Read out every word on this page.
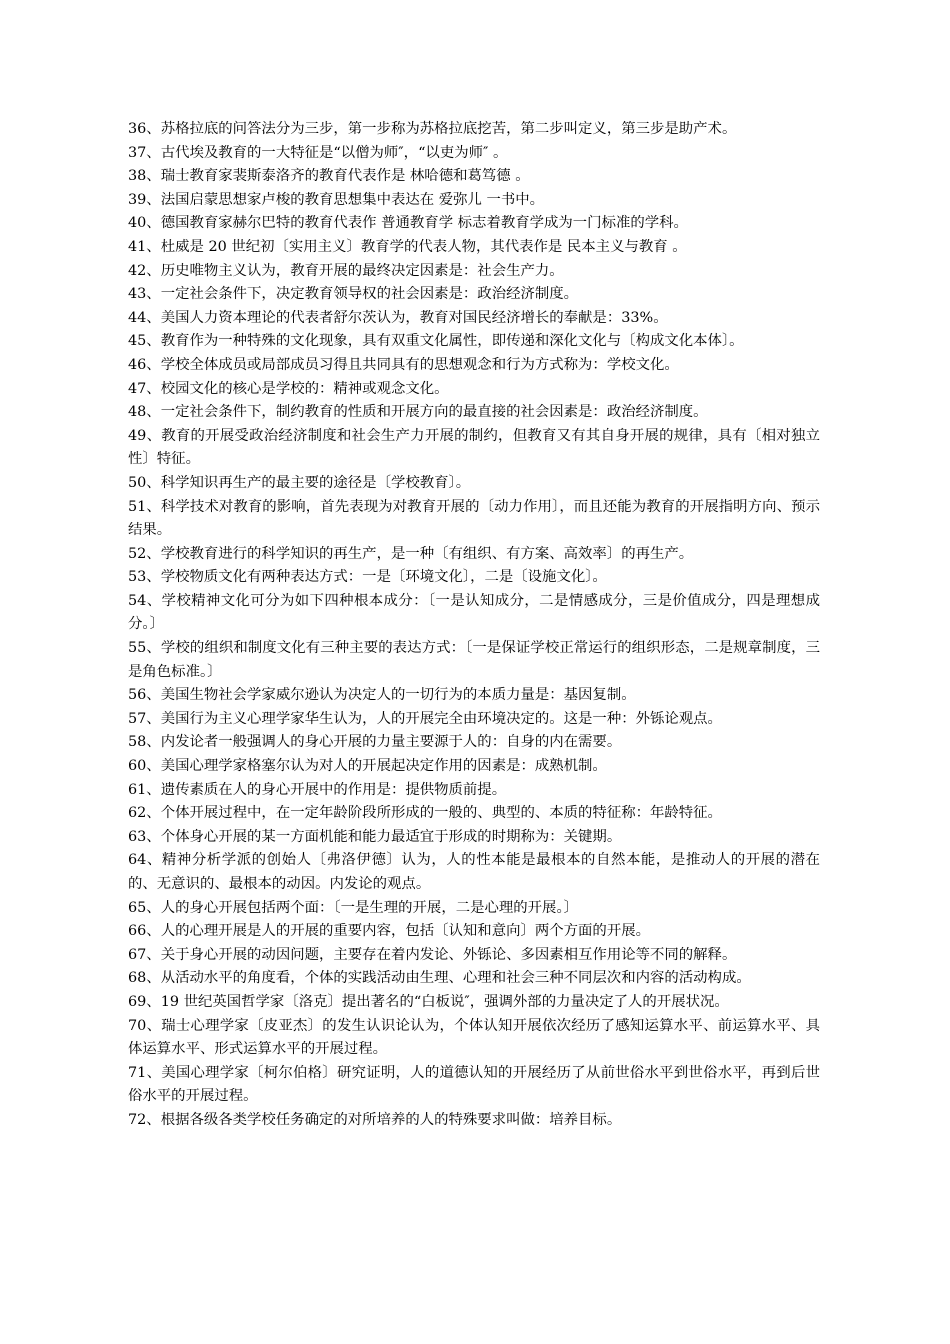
36、苏格拉底的问答法分为三步，第一步称为苏格拉底挖苦，第二步叫定义，第三步是助产术。

37、古代埃及教育的一大特征是“以僧为师″，“以吏为师″ 。

38、瑞士教育家裴斯泰洛齐的教育代表作是 林哈德和葛笃德 。

39、法国启蒙思想家卢梭的教育思想集中表达在 爱弥儿 一书中。

40、德国教育家赫尔巴特的教育代表作 普通教育学 标志着教育学成为一门标准的学科。

41、杜威是 20 世纪初〔实用主义〕教育学的代表人物，其代表作是 民本主义与教育 。

42、历史唯物主义认为，教育开展的最终决定因素是：社会生产力。

43、一定社会条件下，决定教育领导权的社会因素是：政治经济制度。

44、美国人力资本理论的代表者舒尔茨认为，教育对国民经济增长的奉献是：33%。

45、教育作为一种特殊的文化现象，具有双重文化属性，即传递和深化文化与〔构成文化本体〕。

46、学校全体成员或局部成员习得且共同具有的思想观念和行为方式称为：学校文化。

47、校园文化的核心是学校的：精神或观念文化。

48、一定社会条件下，制约教育的性质和开展方向的最直接的社会因素是：政治经济制度。

49、教育的开展受政治经济制度和社会生产力开展的制约，但教育又有其自身开展的规律，具有〔相对独立性〕特征。

50、科学知识再生产的最主要的途径是〔学校教育〕。

51、科学技术对教育的影响，首先表现为对教育开展的〔动力作用〕，而且还能为教育的开展指明方向、预示结果。

52、学校教育进行的科学知识的再生产，是一种〔有组织、有方案、高效率〕的再生产。

53、学校物质文化有两种表达方式：一是〔环境文化〕，二是〔设施文化〕。

54、学校精神文化可分为如下四种根本成分：〔一是认知成分，二是情感成分，三是价值成分，四是理想成分。〕

55、学校的组织和制度文化有三种主要的表达方式：〔一是保证学校正常运行的组织形态，二是规章制度，三是角色标准。〕

56、美国生物社会学家威尔逊认为决定人的一切行为的本质力量是：基因复制。

57、美国行为主义心理学家华生认为，人的开展完全由环境决定的。这是一种：外铄论观点。

58、内发论者一般强调人的身心开展的力量主要源于人的：自身的内在需要。

60、美国心理学家格塞尔认为对人的开展起决定作用的因素是：成熟机制。

61、遗传素质在人的身心开展中的作用是：提供物质前提。

62、个体开展过程中，在一定年龄阶段所形成的一般的、典型的、本质的特征称：年龄特征。

63、个体身心开展的某一方面机能和能力最适宜于形成的时期称为：关键期。

64、精神分析学派的创始人〔弗洛伊德〕认为，人的性本能是最根本的自然本能，是推动人的开展的潜在的、无意识的、最根本的动因。内发论的观点。

65、人的身心开展包括两个面：〔一是生理的开展，二是心理的开展。〕

66、人的心理开展是人的开展的重要内容，包括〔认知和意向〕两个方面的开展。

67、关于身心开展的动因问题，主要存在着内发论、外铄论、多因素相互作用论等不同的解释。

68、从活动水平的角度看，个体的实践活动由生理、心理和社会三种不同层次和内容的活动构成。

69、19 世纪英国哲学家〔洛克〕提出著名的“白板说″，强调外部的力量决定了人的开展状况。

70、瑞士心理学家〔皮亚杰〕的发生认识论认为，个体认知开展依次经历了感知运算水平、前运算水平、具体运算水平、形式运算水平的开展过程。

71、美国心理学家〔柯尔伯格〕研究证明，人的道德认知的开展经历了从前世俗水平到世俗水平，再到后世俗水平的开展过程。

72、根据各级各类学校任务确定的对所培养的人的特殊要求叫做：培养目标。
